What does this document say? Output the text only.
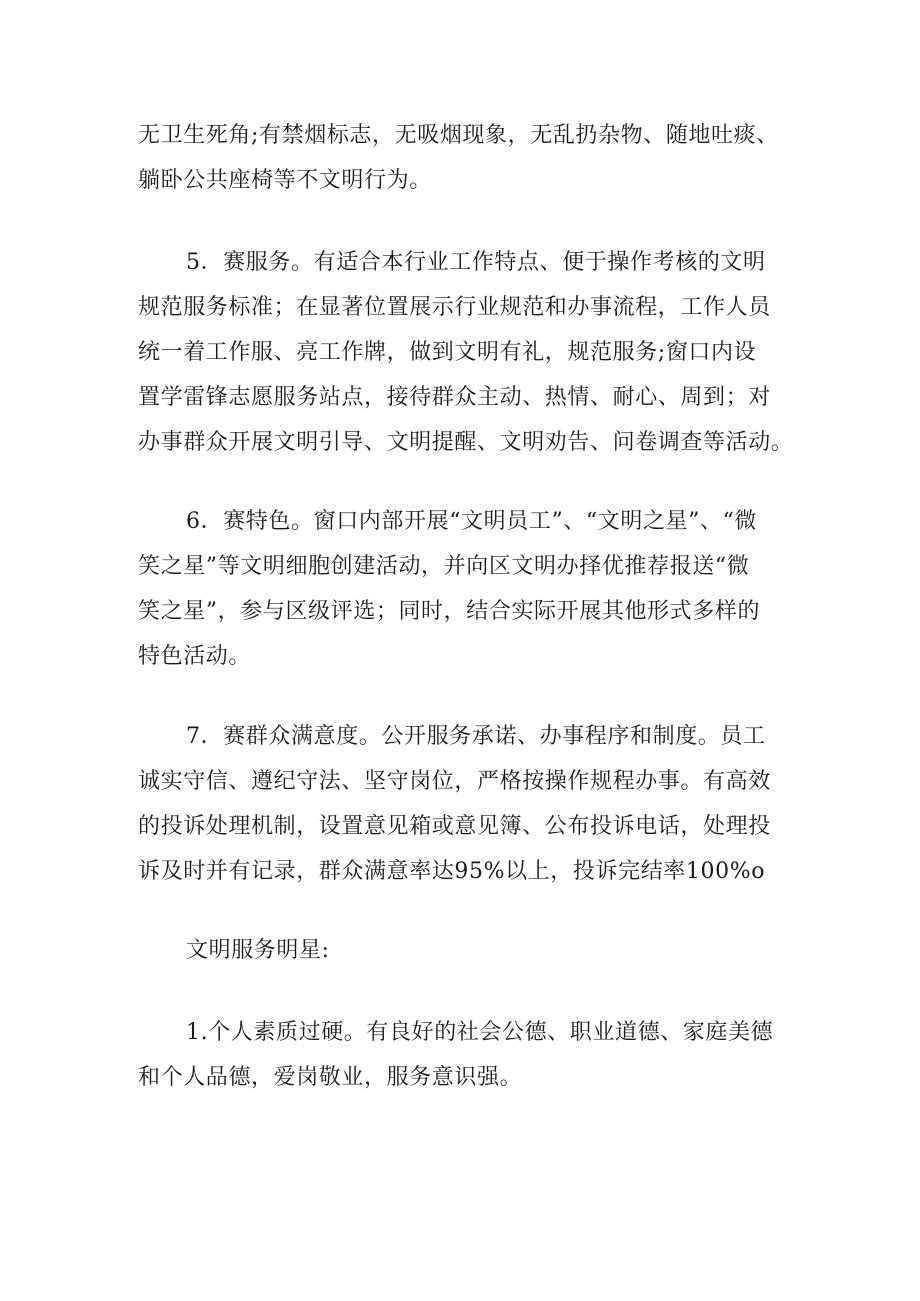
无卫生死角;有禁烟标志，无吸烟现象，无乱扔杂物、随地吐痰、
躺卧公共座椅等不文明行为。
5．赛服务。有适合本行业工作特点、便于操作考核的文明
规范服务标准；在显著位置展示行业规范和办事流程，工作人员
统一着工作服、亮工作牌，做到文明有礼，规范服务;窗口内设
置学雷锋志愿服务站点，接待群众主动、热情、耐心、周到；对
办事群众开展文明引导、文明提醒、文明劝告、问卷调查等活动。
6．赛特色。窗口内部开展“文明员工”、“文明之星”、“微
笑之星”等文明细胞创建活动，并向区文明办择优推荐报送“微
笑之星”，参与区级评选；同时，结合实际开展其他形式多样的
特色活动。
7．赛群众满意度。公开服务承诺、办事程序和制度。员工
诚实守信、遵纪守法、坚守岗位，严格按操作规程办事。有高效
的投诉处理机制，设置意见箱或意见簿、公布投诉电话，处理投
诉及时并有记录，群众满意率达95%以上，投诉完结率100%o
文明服务明星:
1.个人素质过硬。有良好的社会公德、职业道德、家庭美德
和个人品德，爱岗敬业，服务意识强。
